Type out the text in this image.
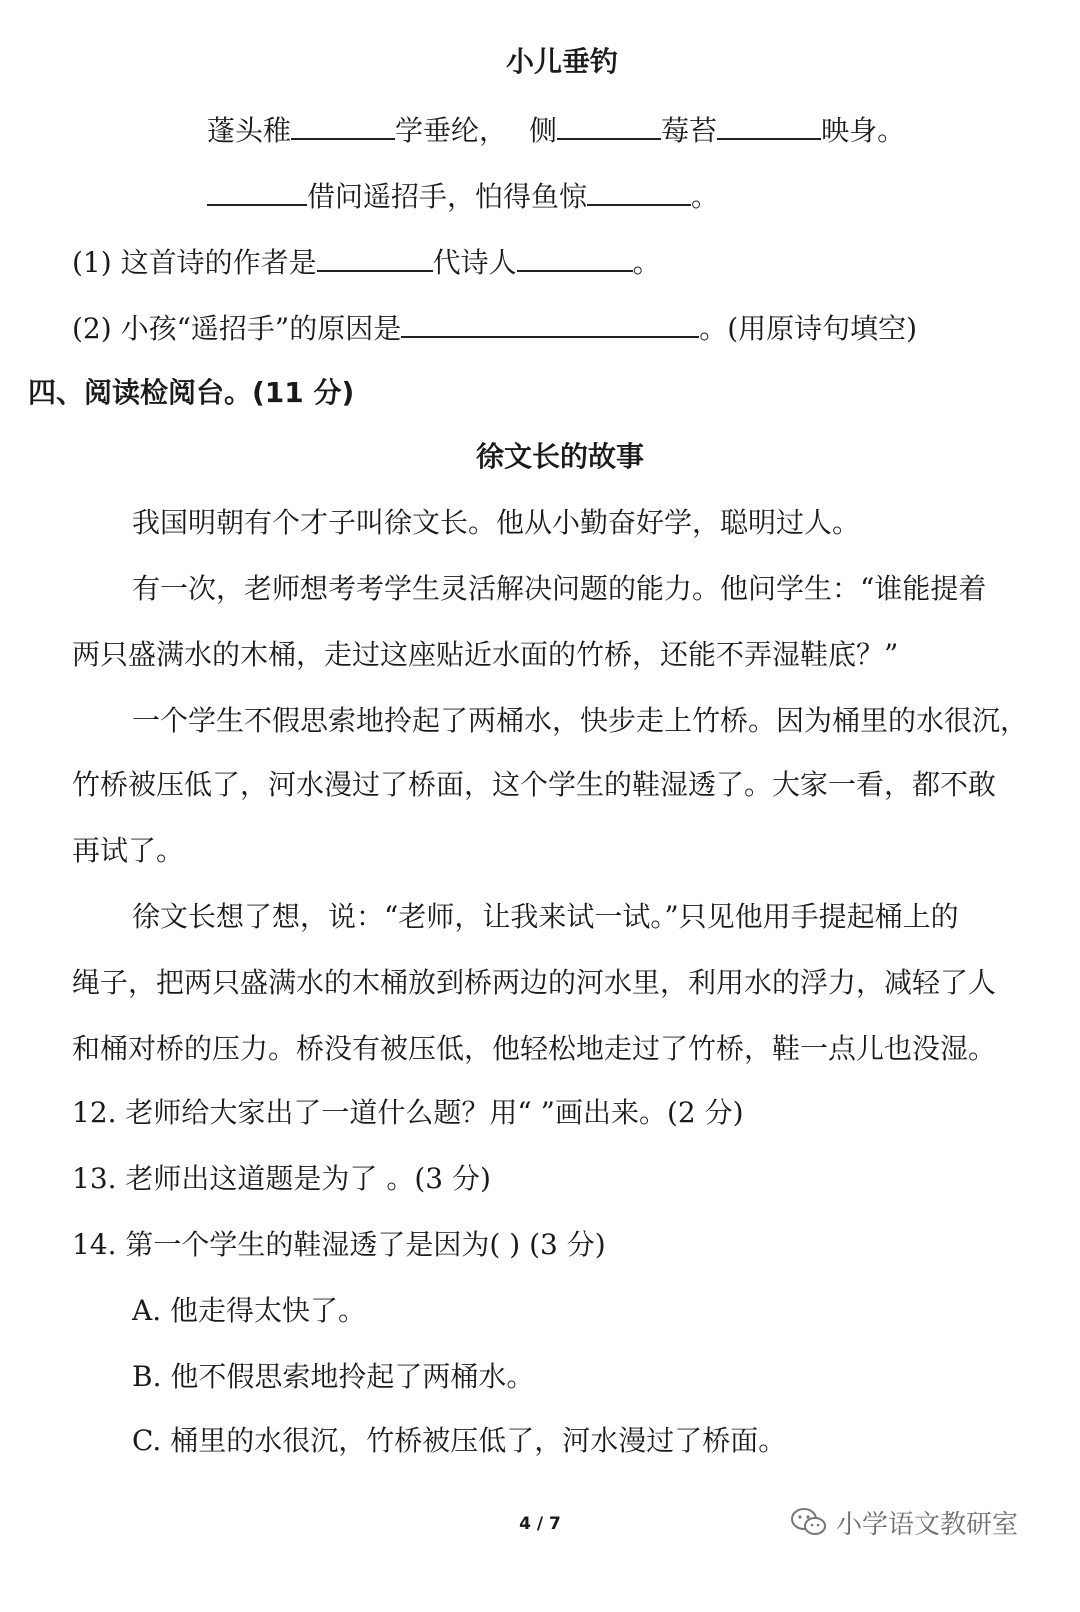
小儿垂钓
蓬头稚	学垂纶， 侧	莓苔	映身。
借问遥招手，怕得鱼惊	。
(1) 这首诗的作者是	代诗人	。
(2) 小孩“遥招手”的原因是	。(用原诗句填空)
四、阅读检阅台。(11 分)
徐文长的故事
我国明朝有个才子叫徐文长。他从小勤奋好学，聪明过人。
有一次，老师想考考学生灵活解决问题的能力。他问学生：“谁能提着
两只盛满水的木桶，走过这座贴近水面的竹桥，还能不弄湿鞋底？”
一个学生不假思索地拎起了两桶水，快步走上竹桥。因为桶里的水很沉，
竹桥被压低了，河水漫过了桥面，这个学生的鞋湿透了。大家一看，都不敢
再试了。
徐文长想了想，说：“老师，让我来试一试。”只见他用手提起桶上的
绳子，把两只盛满水的木桶放到桥两边的河水里，利用水的浮力，减轻了人
和桶对桥的压力。桥没有被压低，他轻松地走过了竹桥，鞋一点儿也没湿。
12. 老师给大家出了一道什么题？用“ ”画出来。(2 分)
13. 老师出这道题是为了 。(3 分)
14. 第一个学生的鞋湿透了是因为( ) (3 分)
A. 他走得太快了。
B. 他不假思索地拎起了两桶水。
C. 桶里的水很沉，竹桥被压低了，河水漫过了桥面。
4 / 7	小学语文教研室
